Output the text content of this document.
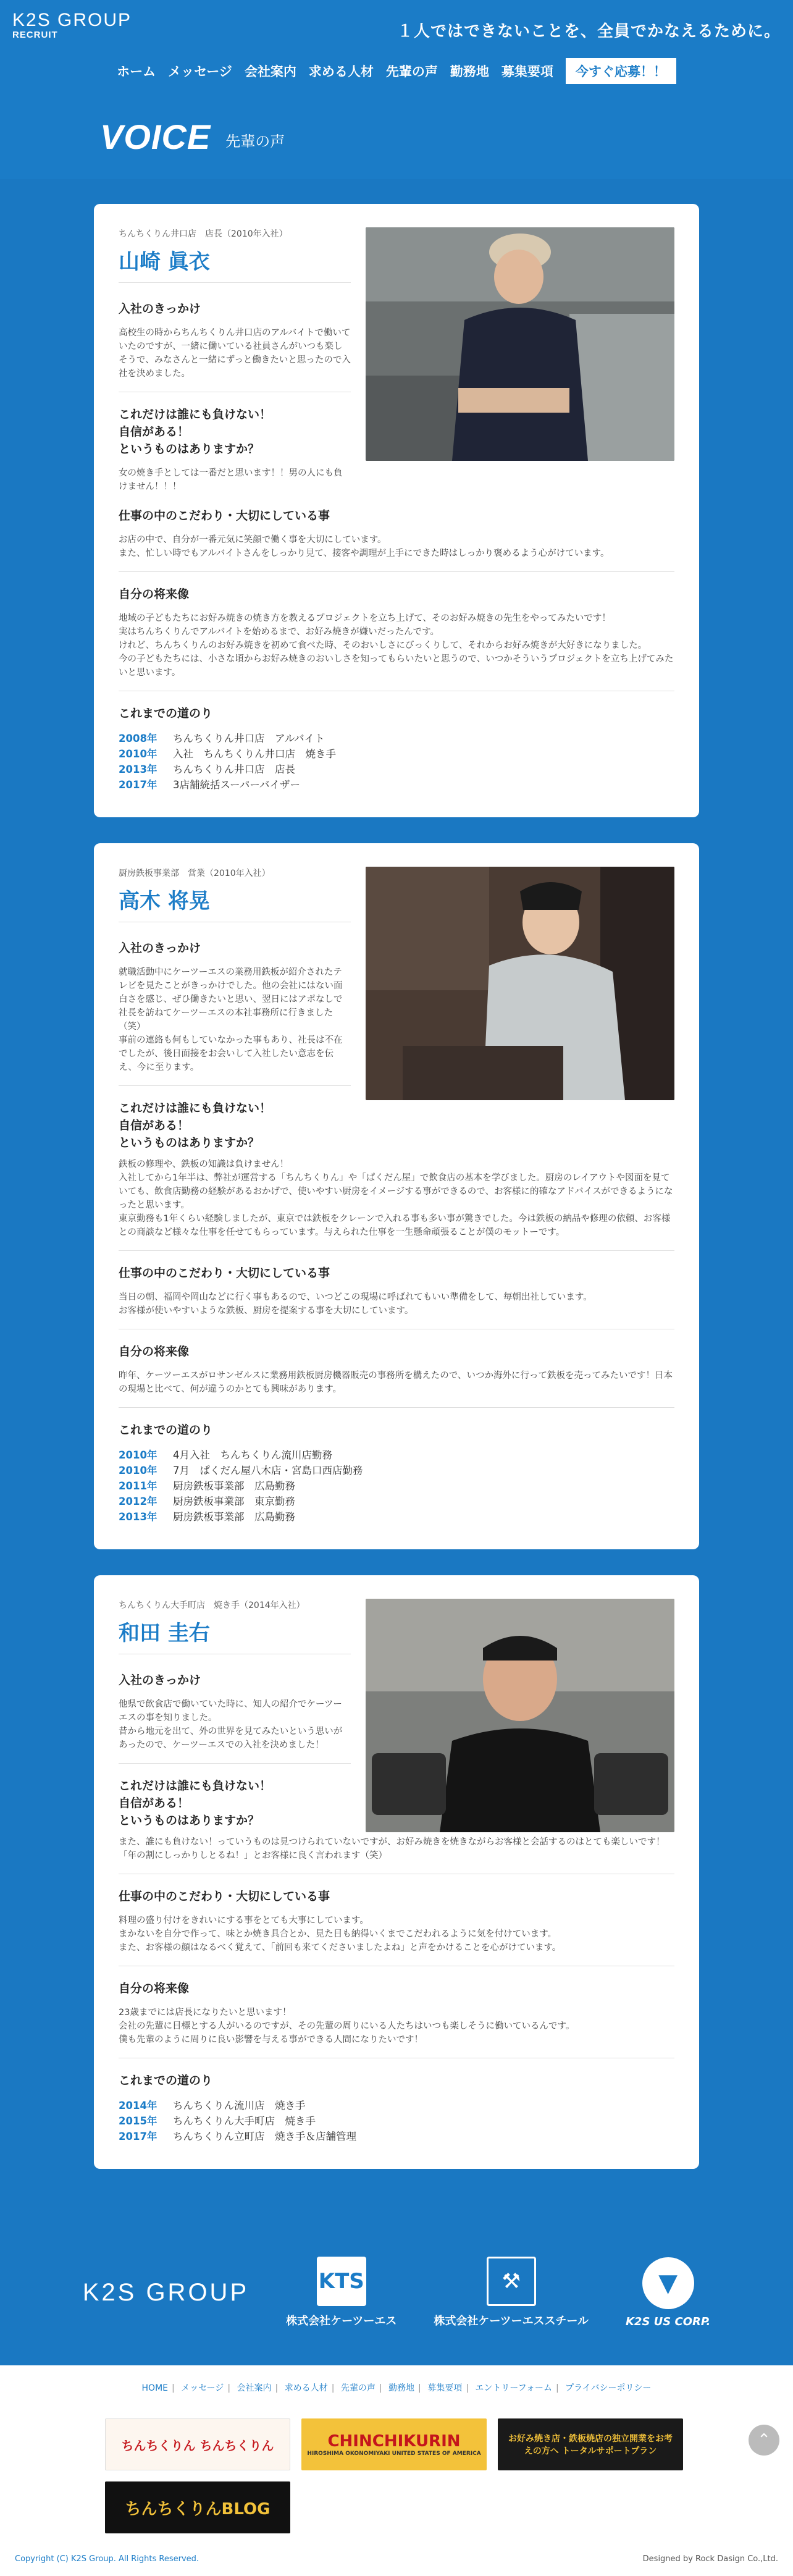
K2S GROUP
RECRUIT	１人ではできないことを、全員でかなえるために。
ホーム メッセージ 会社案内 求める人材 先輩の声 勤務地 募集要項	今すぐ応募！！
VOICE 先輩の声
ちんちくりん井口店　店長（2010年入社）
山崎 眞衣
入社のきっかけ

高校生の時からちんちくりん井口店のアルバイトで働いていたのですが、一緒に働いている社員さんがいつも楽しそうで、みなさんと一緒にずっと働きたいと思ったので入社を決めました。

これだけは誰にも負けない！
自信がある！
というものはありますか？

女の焼き手としては一番だと思います！！男の人にも負けません！！！

仕事の中のこだわり・大切にしている事

お店の中で、自分が一番元気に笑顔で働く事を大切にしています。
また、忙しい時でもアルバイトさんをしっかり見て、接客や調理が上手にできた時はしっかり褒めるよう心がけています。

自分の将来像

地域の子どもたちにお好み焼きの焼き方を教えるプロジェクトを立ち上げて、そのお好み焼きの先生をやってみたいです！
実はちんちくりんでアルバイトを始めるまで、お好み焼きが嫌いだったんです。
けれど、ちんちくりんのお好み焼きを初めて食べた時、そのおいしさにびっくりして、それからお好み焼きが大好きになりました。
今の子どもたちには、小さな頃からお好み焼きのおいしさを知ってもらいたいと思うので、いつかそういうプロジェクトを立ち上げてみたいと思います。

これまでの道のり
2008年 ちんちくりん井口店　アルバイト
2010年 入社　ちんちくりん井口店　焼き手
2013年 ちんちくりん井口店　店長
2017年 3店舗統括スーパーバイザー
厨房鉄板事業部　営業（2010年入社）
高木 将晃
入社のきっかけ

就職活動中にケーツーエスの業務用鉄板が紹介されたテレビを見たことがきっかけでした。他の会社にはない面白さを感じ、ぜひ働きたいと思い、翌日にはアポなしで社長を訪ねてケーツーエスの本社事務所に行きました（笑）
事前の連絡も何もしていなかった事もあり、社長は不在でしたが、後日面接をお会いして入社したい意志を伝え、今に至ります。

これだけは誰にも負けない！
自信がある！
というものはありますか？

鉄板の修理や、鉄板の知識は負けません！
入社してから1年半は、弊社が運営する「ちんちくりん」や「ぱくだん屋」で飲食店の基本を学びました。厨房のレイアウトや図面を見ていても、飲食店勤務の経験があるおかげで、使いやすい厨房をイメージする事ができるので、お客様に的確なアドバイスができるようになったと思います。
東京勤務も1年くらい経験しましたが、東京では鉄板をクレーンで入れる事も多い事が驚きでした。今は鉄板の納品や修理の依頼、お客様との商談など様々な仕事を任せてもらっています。与えられた仕事を一生懸命頑張ることが僕のモットーです。

仕事の中のこだわり・大切にしている事

当日の朝、福岡や岡山などに行く事もあるので、いつどこの現場に呼ばれてもいい準備をして、毎朝出社しています。
お客様が使いやすいような鉄板、厨房を提案する事を大切にしています。

自分の将来像

昨年、ケーツーエスがロサンゼルスに業務用鉄板厨房機器販売の事務所を構えたので、いつか海外に行って鉄板を売ってみたいです！日本の現場と比べて、何が違うのかとても興味があります。

これまでの道のり
2010年 4月入社　ちんちくりん流川店勤務
2010年 7月　ぱくだん屋八木店・宮島口西店勤務
2011年 厨房鉄板事業部　広島勤務
2012年 厨房鉄板事業部　東京勤務
2013年 厨房鉄板事業部　広島勤務
ちんちくりん大手町店　焼き手（2014年入社）
和田 圭右
入社のきっかけ

他県で飲食店で働いていた時に、知人の紹介でケーツーエスの事を知りました。
昔から地元を出て、外の世界を見てみたいという思いがあったので、ケーツーエスでの入社を決めました！

これだけは誰にも負けない！
自信がある！
というものはありますか？

また、誰にも負けない！っていうものは見つけられていないですが、お好み焼きを焼きながらお客様と会話するのはとても楽しいです！「年の割にしっかりしとるね！」とお客様に良く言われます（笑）

仕事の中のこだわり・大切にしている事

料理の盛り付けをきれいにする事をとても大事にしています。
まかないを自分で作って、味とか焼き具合とか、見た目も納得いくまでこだわれるように気を付けています。
また、お客様の顔はなるべく覚えて、「前回も来てくださいましたよね」と声をかけることを心がけています。

自分の将来像

23歳までには店長になりたいと思います！
会社の先輩に目標とする人がいるのですが、その先輩の周りにいる人たちはいつも楽しそうに働いているんです。
僕も先輩のように周りに良い影響を与える事ができる人間になりたいです！

これまでの道のり
2014年 ちんちくりん流川店　焼き手
2015年 ちんちくりん大手町店　焼き手
2017年 ちんちくりん立町店　焼き手＆店舗管理
K2S GROUP	KTS
株式会社ケーツーエス
⚒
株式会社ケーツーエススチール
▼
K2S US CORP.
HOME | メッセージ | 会社案内 | 求める人材 | 先輩の声 | 勤務地 | 募集要項 | エントリーフォーム | プライバシーポリシー
⌃
ちんちくりん ちんちくりん	CHINCHIKURIN
HIROSHIMA OKONOMIYAKI UNITED STATES OF AMERICA
お好み焼き店・鉄板焼店の独立開業をお考えの方へ トータルサポートプラン
ちんちくりんBLOG
Copyright (C) K2S Group. All Rights Reserved.	Designed by Rock Dasign Co.,Ltd.
